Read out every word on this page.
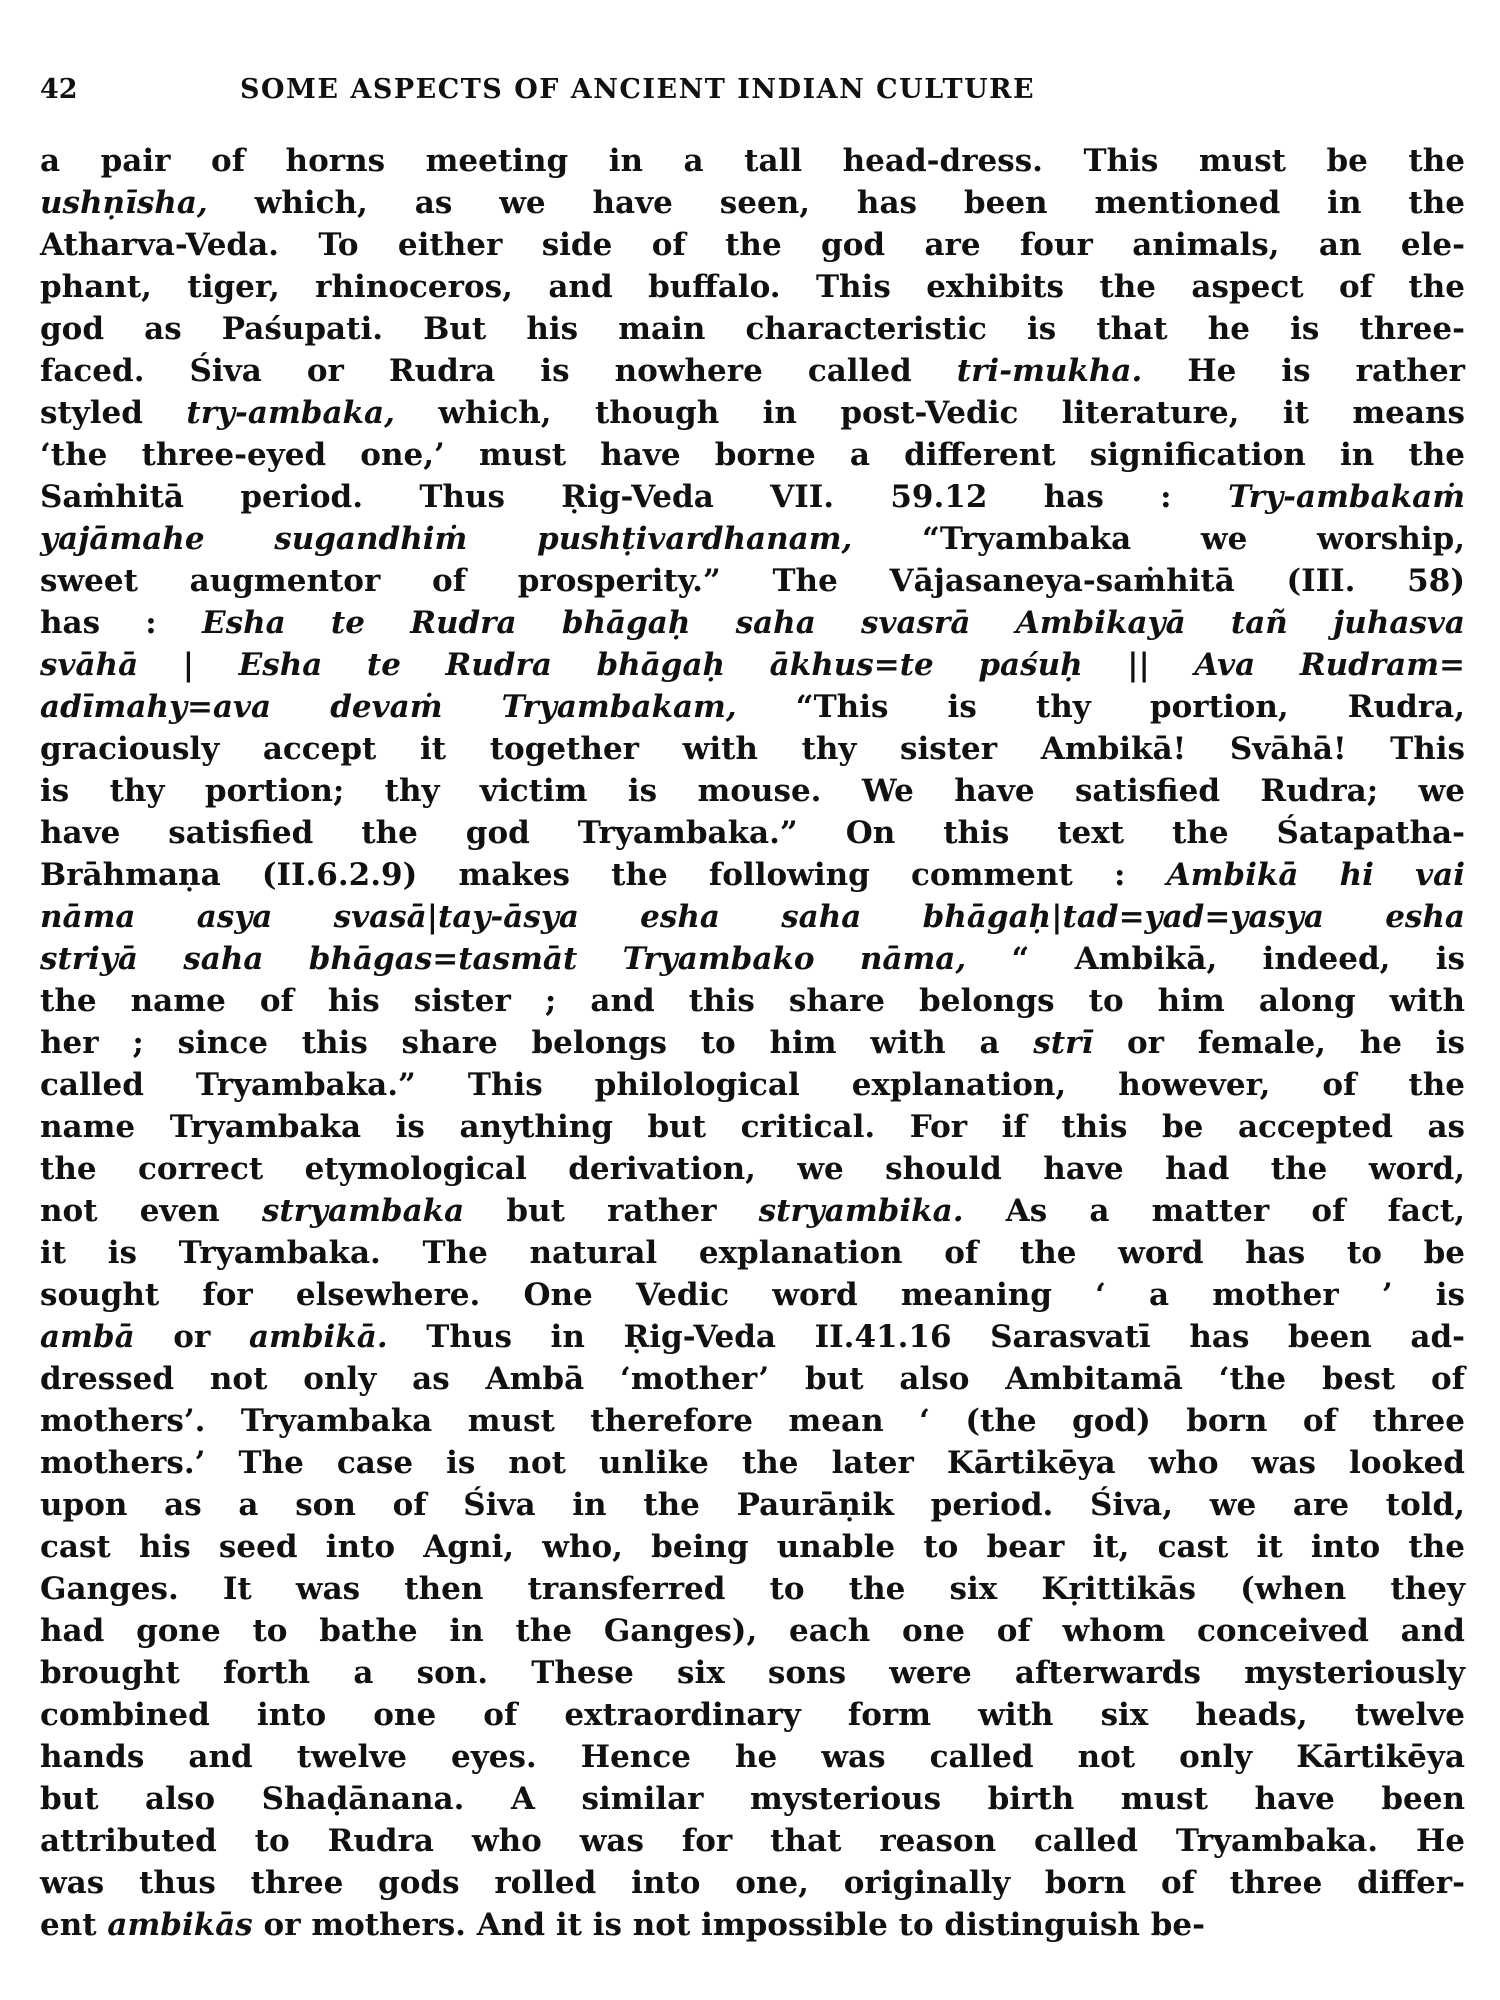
42	SOME ASPECTS OF ANCIENT INDIAN CULTURE
a pair of horns meeting in a tall head-dress. This must be the
ushṇīsha, which, as we have seen, has been mentioned in the
Atharva-Veda. To either side of the god are four animals, an ele-
phant, tiger, rhinoceros, and buffalo. This exhibits the aspect of the
god as Paśupati. But his main characteristic is that he is three-
faced. Śiva or Rudra is nowhere called tri-mukha. He is rather
styled try-ambaka, which, though in post-Vedic literature, it means
‘the three-eyed one,’ must have borne a different signification in the
Saṁhitā period. Thus Ṛig-Veda VII. 59.12 has : Try-ambakaṁ
yajāmahe sugandhiṁ pushṭivardhanam, “Tryambaka we worship,
sweet augmentor of prosperity.” The Vājasaneya-saṁhitā (III. 58)
has : Esha te Rudra bhāgaḥ saha svasrā Ambikayā tañ juhasva
svāhā | Esha te Rudra bhāgaḥ ākhus=te paśuḥ || Ava Rudram=
adīmahy=ava devaṁ Tryambakam, “This is thy portion, Rudra,
graciously accept it together with thy sister Ambikā! Svāhā! This
is thy portion; thy victim is mouse. We have satisfied Rudra; we
have satisfied the god Tryambaka.” On this text the Śatapatha-
Brāhmaṇa (II.6.2.9) makes the following comment : Ambikā hi vai
nāma asya svasā|tay-āsya esha saha bhāgaḥ|tad=yad=yasya esha
striyā saha bhāgas=tasmāt Tryambako nāma, “ Ambikā, indeed, is
the name of his sister ; and this share belongs to him along with
her ; since this share belongs to him with a strī or female, he is
called Tryambaka.” This philological explanation, however, of the
name Tryambaka is anything but critical. For if this be accepted as
the correct etymological derivation, we should have had the word,
not even stryambaka but rather stryambika. As a matter of fact,
it is Tryambaka. The natural explanation of the word has to be
sought for elsewhere. One Vedic word meaning ‘ a mother ’ is
ambā or ambikā. Thus in Ṛig-Veda II.41.16 Sarasvatī has been ad-
dressed not only as Ambā ‘mother’ but also Ambitamā ‘the best of
mothers’. Tryambaka must therefore mean ‘ (the god) born of three
mothers.’ The case is not unlike the later Kārtikēya who was looked
upon as a son of Śiva in the Paurāṇik period. Śiva, we are told,
cast his seed into Agni, who, being unable to bear it, cast it into the
Ganges. It was then transferred to the six Kṛittikās (when they
had gone to bathe in the Ganges), each one of whom conceived and
brought forth a son. These six sons were afterwards mysteriously
combined into one of extraordinary form with six heads, twelve
hands and twelve eyes. Hence he was called not only Kārtikēya
but also Shaḍānana. A similar mysterious birth must have been
attributed to Rudra who was for that reason called Tryambaka. He
was thus three gods rolled into one, originally born of three differ-
ent ambikās or mothers. And it is not impossible to distinguish be-
